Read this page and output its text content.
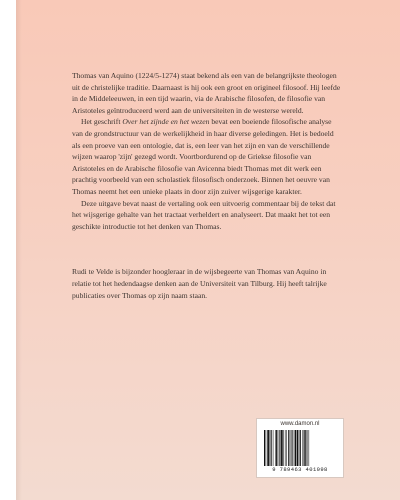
Thomas van Aquino (1224/5-1274) staat bekend als een van de belangrijkste theologen uit de christelijke traditie. Daarnaast is hij ook een groot en origineel filosoof. Hij leefde in de Middeleeuwen, in een tijd waarin, via de Arabische filosofen, de filosofie van Aristoteles geïntroduceerd werd aan de universiteiten in de westerse wereld.

Het geschrift Over het zijnde en het wezen bevat een boeiende filosofische analyse van de grondstructuur van de werkelijkheid in haar diverse geledingen. Het is bedoeld als een proeve van een ontologie, dat is, een leer van het zijn en van de verschillende wijzen waarop 'zijn' gezegd wordt. Voortbordurend op de Griekse filosofie van Aristoteles en de Arabische filosofie van Avicenna biedt Thomas met dit werk een prachtig voorbeeld van een scholastiek filosofisch onderzoek. Binnen het oeuvre van Thomas neemt het een unieke plaats in door zijn zuiver wijsgerige karakter.

Deze uitgave bevat naast de vertaling ook een uitvoerig commentaar bij de tekst dat het wijsgerige gehalte van het tractaat verheldert en analyseert. Dat maakt het tot een geschikte introductie tot het denken van Thomas.

Rudi te Velde is bijzonder hoogleraar in de wijsbegeerte van Thomas van Aquino in relatie tot het hedendaagse denken aan de Universiteit van Tilburg. Hij heeft talrijke publicaties over Thomas op zijn naam staan.

www.damon.nl
9 789463 401098
